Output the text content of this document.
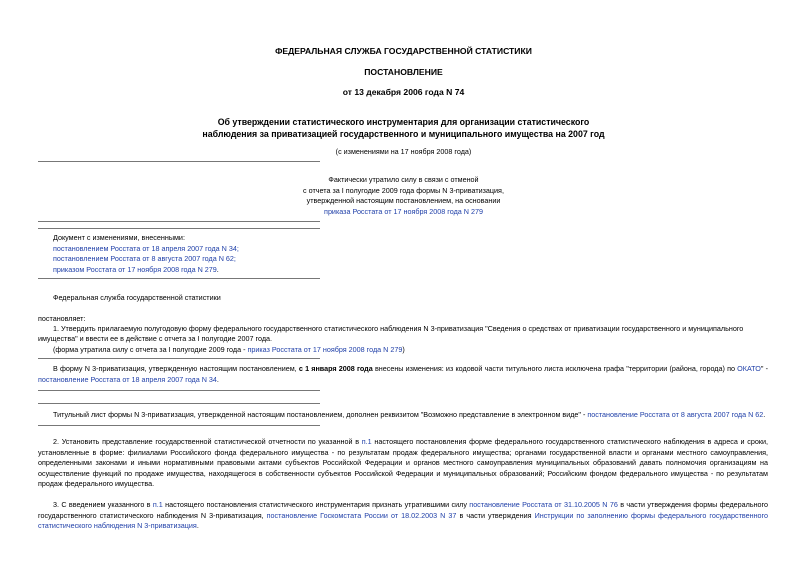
ФЕДЕРАЛЬНАЯ СЛУЖБА ГОСУДАРСТВЕННОЙ СТАТИСТИКИ
ПОСТАНОВЛЕНИЕ
от 13 декабря 2006 года N 74
Об утверждении статистического инструментария для организации статистического
наблюдения за приватизацией государственного и муниципального имущества на 2007 год
(с изменениями на 17 ноября 2008 года)
Фактически утратило силу в связи с отменой
с отчета за I полугодие 2009 года формы N 3-приватизация,
утвержденной настоящим постановлением, на основании
приказа Росстата от 17 ноября 2008 года N 279
Документ с изменениями, внесенными:
постановлением Росстата от 18 апреля 2007 года N 34;
постановлением Росстата от 8 августа 2007 года N 62;
приказом Росстата от 17 ноября 2008 года N 279.
Федеральная служба государственной статистики
постановляет:
1. Утвердить прилагаемую полугодовую форму федерального государственного статистического наблюдения N 3-приватизация "Сведения о средствах от приватизации государственного и муниципального
имущества" и ввести ее в действие с отчета за I полугодие 2007 года.
(форма утратила силу с отчета за I полугодие 2009 года - приказ Росстата от 17 ноября 2008 года N 279)
В форму N 3-приватизация, утвержденную настоящим постановлением, с 1 января 2008 года внесены изменения: из кодовой части титульного листа исключена графа "территории (района, города) по ОКАТО" - постановление Росстата от 18 апреля 2007 года N 34.
Титульный лист формы N 3-приватизация, утвержденной настоящим постановлением, дополнен реквизитом "Возможно представление в электронном виде" - постановление Росстата от 8 августа 2007 года N 62.
2. Установить представление государственной статистической отчетности по указанной в п.1 настоящего постановления форме федерального государственного статистического наблюдения в адреса и сроки, установленные в форме: филиалами Российского фонда федерального имущества - по результатам продаж федерального имущества; органами государственной власти и органами местного самоуправления, определенными законами и иными нормативными правовыми актами субъектов Российской Федерации и органов местного самоуправления муниципальных образований давать полномочия организациям на осуществление функций по продаже имущества, находящегося в собственности субъектов Российской Федерации и муниципальных образований; Российским фондом федерального имущества - по результатам продаж федерального имущества.
3. С введением указанного в п.1 настоящего постановления статистического инструментария признать утратившими силу постановление Росстата от 31.10.2005 N 76 в части утверждения формы федерального государственного статистического наблюдения N 3-приватизация, постановление Госкомстата России от 18.02.2003 N 37 в части утверждения Инструкции по заполнению формы федерального государственного статистического наблюдения N 3-приватизация.
